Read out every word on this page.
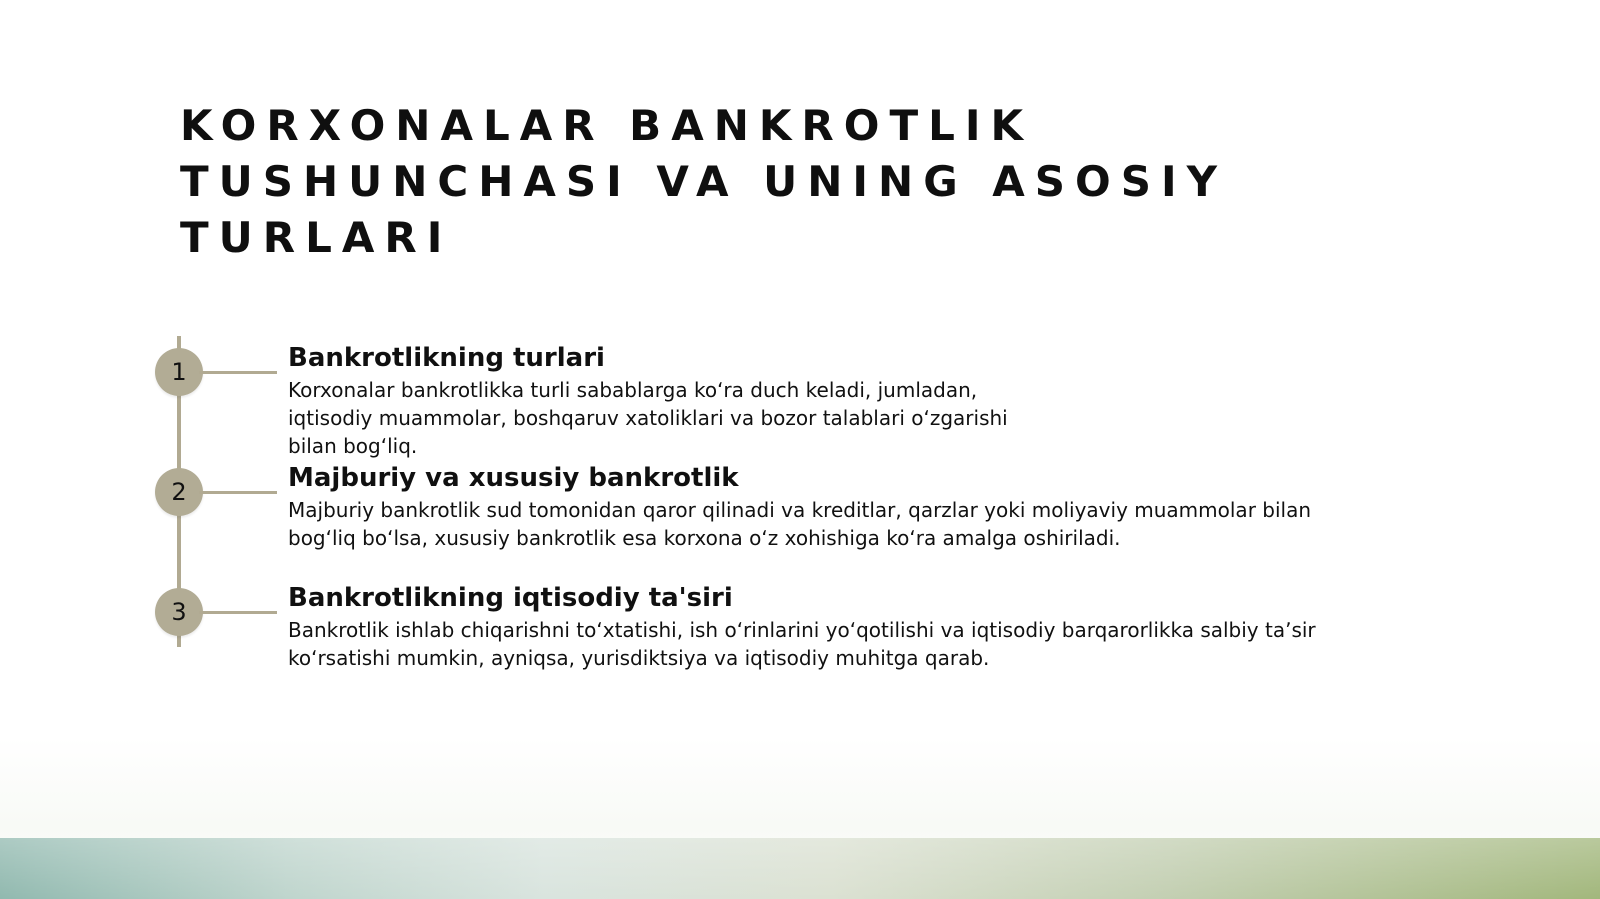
KORXONALAR BANKROTLIK TUSHUNCHASI VA UNING ASOSIY TURLARI
1
2
3
Bankrotlikning turlari

Korxonalar bankrotlikka turli sabablarga koʻra duch keladi, jumladan,
iqtisodiy muammolar, boshqaruv xatoliklari va bozor talablari oʻzgarishi
bilan bogʻliq.

Majburiy va xususiy bankrotlik

Majburiy bankrotlik sud tomonidan qaror qilinadi va kreditlar, qarzlar yoki moliyaviy muammolar bilan
bogʻliq boʻlsa, xususiy bankrotlik esa korxona oʻz xohishiga koʻra amalga oshiriladi.

Bankrotlikning iqtisodiy ta'siri

Bankrotlik ishlab chiqarishni toʻxtatishi, ish oʻrinlarini yoʻqotilishi va iqtisodiy barqarorlikka salbiy taʼsir
koʻrsatishi mumkin, ayniqsa, yurisdiktsiya va iqtisodiy muhitga qarab.
